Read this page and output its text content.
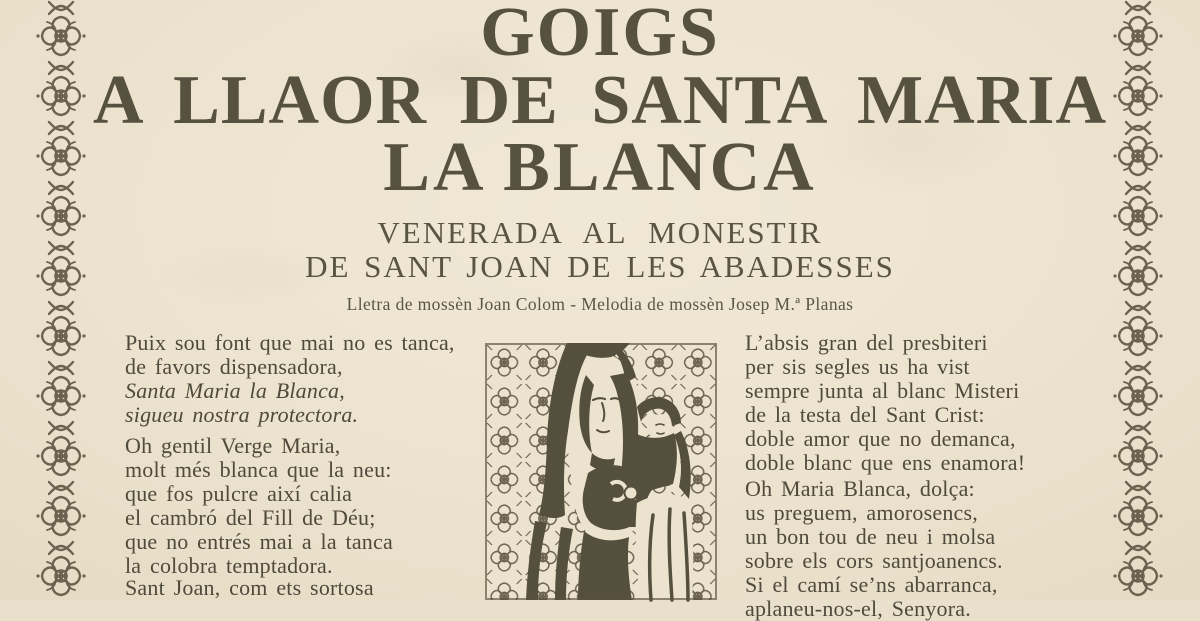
GOIGS
A LLAOR DE SANTA MARIA
LA BLANCA
VENERADA AL MONESTIR
DE SANT JOAN DE LES ABADESSES
Lletra de mossèn Joan Colom - Melodia de mossèn Josep M.ª Planas
Puix sou font que mai no es tanca,
de favors dispensadora,
Santa Maria la Blanca,
sigueu nostra protectora.
Oh gentil Verge Maria,
molt més blanca que la neu:
que fos pulcre així calia
el cambró del Fill de Déu;
que no entrés mai a la tanca
la colobra temptadora.
Sant Joan, com ets sortosa
L’absis gran del presbiteri
per sis segles us ha vist
sempre junta al blanc Misteri
de la testa del Sant Crist:
doble amor que no demanca,
doble blanc que ens enamora!
Oh Maria Blanca, dolça:
us preguem, amorosencs,
un bon tou de neu i molsa
sobre els cors santjoanencs.
Si el camí se’ns abarranca,
aplaneu-nos-el, Senyora.
